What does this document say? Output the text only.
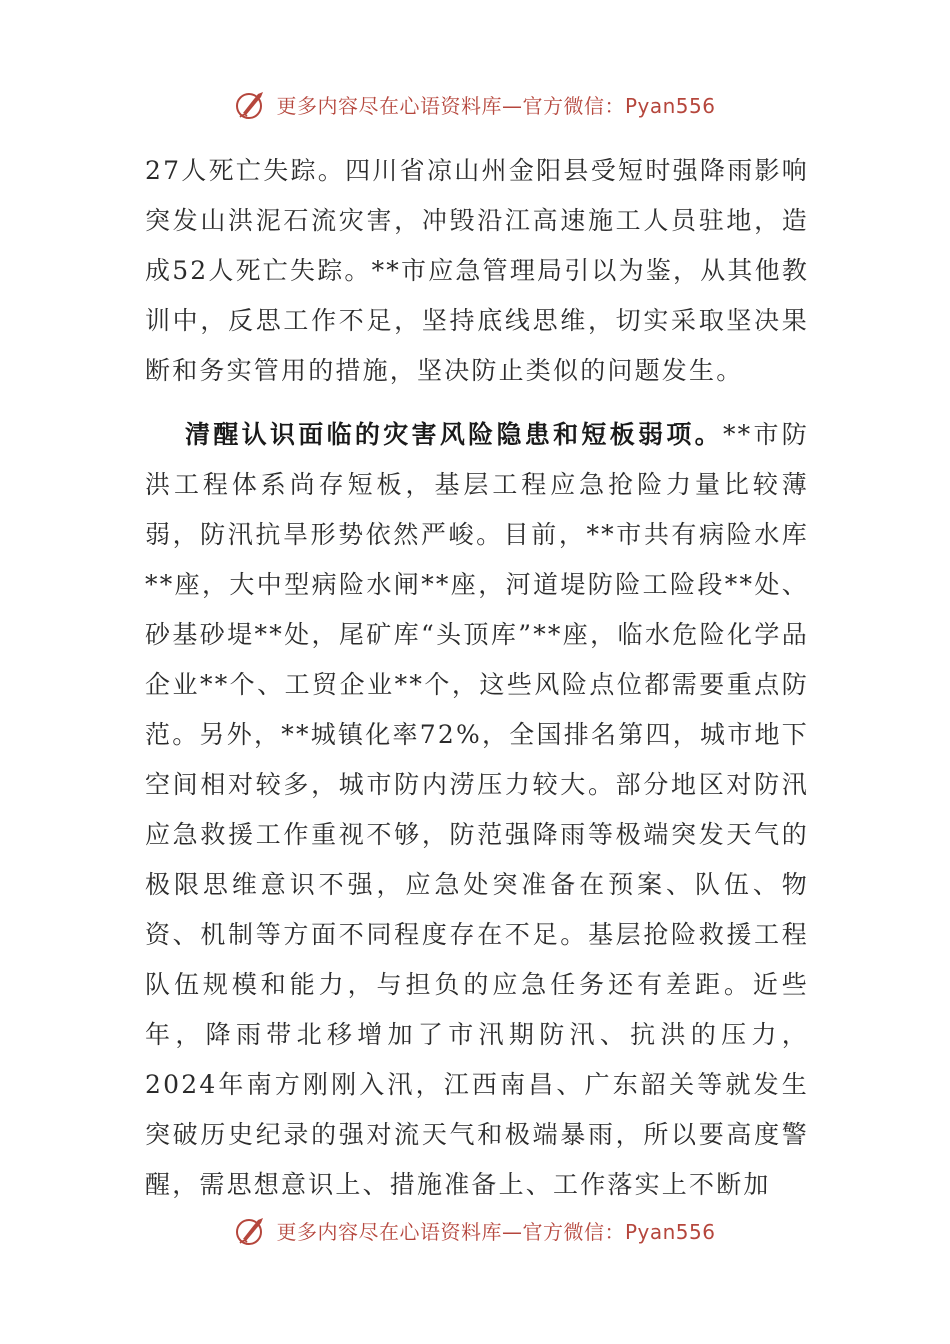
更多内容尽在心语资料库—官方微信：Pyan556

27人死亡失踪。四川省凉山州金阳县受短时强降雨影响突发山洪泥石流灾害，冲毁沿江高速施工人员驻地，造成52人死亡失踪。**市应急管理局引以为鉴，从其他教训中，反思工作不足，坚持底线思维，切实采取坚决果断和务实管用的措施，坚决防止类似的问题发生。

清醒认识面临的灾害风险隐患和短板弱项。**市防洪工程体系尚存短板，基层工程应急抢险力量比较薄弱，防汛抗旱形势依然严峻。目前，**市共有病险水库**座，大中型病险水闸**座，河道堤防险工险段**处、砂基砂堤**处，尾矿库“头顶库”**座，临水危险化学品企业**个、工贸企业**个，这些风险点位都需要重点防范。另外，**城镇化率72%，全国排名第四，城市地下空间相对较多，城市防内涝压力较大。部分地区对防汛应急救援工作重视不够，防范强降雨等极端突发天气的极限思维意识不强，应急处突准备在预案、队伍、物资、机制等方面不同程度存在不足。基层抢险救援工程队伍规模和能力，与担负的应急任务还有差距。近些年，降雨带北移增加了市汛期防汛、抗洪的压力，2024年南方刚刚入汛，江西南昌、广东韶关等就发生突破历史纪录的强对流天气和极端暴雨，所以要高度警醒，需思想意识上、措施准备上、工作落实上不断加

更多内容尽在心语资料库—官方微信：Pyan556
